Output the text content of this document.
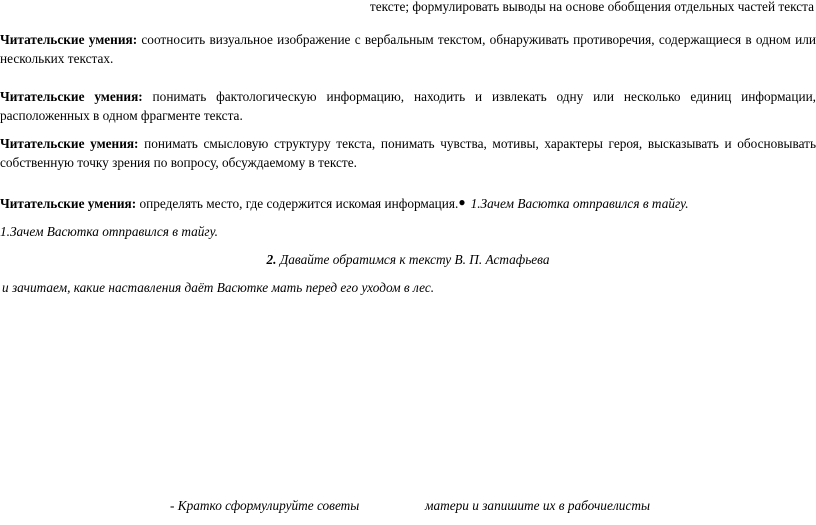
тексте; формулировать выводы на основе обобщения отдельных частей текста
Читательские умения: соотносить визуальное изображение с вербальным текстом, обнаруживать противоречия, содержащиеся в одном или нескольких текстах.
Читательские умения: понимать фактологическую информацию, находить и извлекать одну или несколько единиц информации, расположенных в одном фрагменте текста.
Читательские умения: понимать смысловую структуру текста, понимать чувства, мотивы, характеры героя, высказывать и обосновывать собственную точку зрения по вопросу, обсуждаемому в тексте.
Читательские умения: определять место, где содержится искомая информация.● 1.Зачем Васютка отправился в тайгу.
1.Зачем Васютка отправился в тайгу.
2. Давайте обратимся к тексту В. П. Астафьева
и зачитаем, какие наставления даёт Васютке мать перед его уходом в лес.
- Кратко сформулируйте советы	матери и запишите их в рабочие листы
